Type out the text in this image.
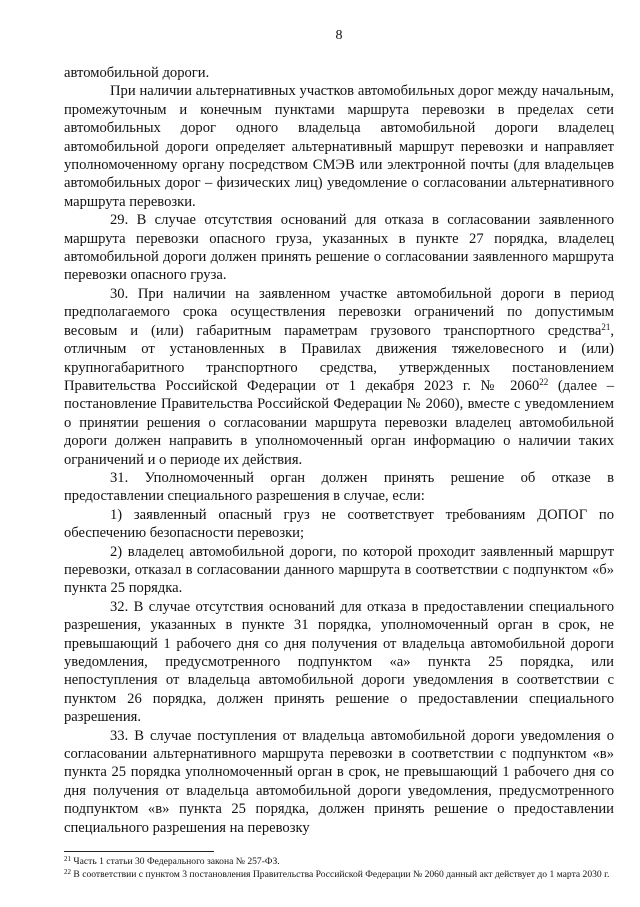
8

автомобильной дороги.

При наличии альтернативных участков автомобильных дорог между начальным, промежуточным и конечным пунктами маршрута перевозки в пределах сети автомобильных дорог одного владельца автомобильной дороги владелец автомобильной дороги определяет альтернативный маршрут перевозки и направляет уполномоченному органу посредством СМЭВ или электронной почты (для владельцев автомобильных дорог – физических лиц) уведомление о согласовании альтернативного маршрута перевозки.

29. В случае отсутствия оснований для отказа в согласовании заявленного маршрута перевозки опасного груза, указанных в пункте 27 порядка, владелец автомобильной дороги должен принять решение о согласовании заявленного маршрута перевозки опасного груза.

30. При наличии на заявленном участке автомобильной дороги в период предполагаемого срока осуществления перевозки ограничений по допустимым весовым и (или) габаритным параметрам грузового транспортного средства$^{21}$, отличным от установленных в Правилах движения тяжеловесного и (или) крупногабаритного транспортного средства, утвержденных постановлением Правительства Российской Федерации от 1 декабря 2023 г. № 2060$^{22}$ (далее – постановление Правительства Российской Федерации № 2060), вместе с уведомлением о принятии решения о согласовании маршрута перевозки владелец автомобильной дороги должен направить в уполномоченный орган информацию о наличии таких ограничений и о периоде их действия.

31. Уполномоченный орган должен принять решение об отказе в предоставлении специального разрешения в случае, если:

1) заявленный опасный груз не соответствует требованиям ДОПОГ по обеспечению безопасности перевозки;

2) владелец автомобильной дороги, по которой проходит заявленный маршрут перевозки, отказал в согласовании данного маршрута в соответствии с подпунктом «б» пункта 25 порядка.

32. В случае отсутствия оснований для отказа в предоставлении специального разрешения, указанных в пункте 31 порядка, уполномоченный орган в срок, не превышающий 1 рабочего дня со дня получения от владельца автомобильной дороги уведомления, предусмотренного подпунктом «а» пункта 25 порядка, или непоступления от владельца автомобильной дороги уведомления в соответствии с пунктом 26 порядка, должен принять решение о предоставлении специального разрешения.

33. В случае поступления от владельца автомобильной дороги уведомления о согласовании альтернативного маршрута перевозки в соответствии с подпунктом «в» пункта 25 порядка уполномоченный орган в срок, не превышающий 1 рабочего дня со дня получения от владельца автомобильной дороги уведомления, предусмотренного подпунктом «в» пункта 25 порядка, должен принять решение о предоставлении специального разрешения на перевозку

$^{21}$ Часть 1 статьи 30 Федерального закона № 257-ФЗ.

$^{22}$ В соответствии с пунктом 3 постановления Правительства Российской Федерации № 2060 данный акт действует до 1 марта 2030 г.
